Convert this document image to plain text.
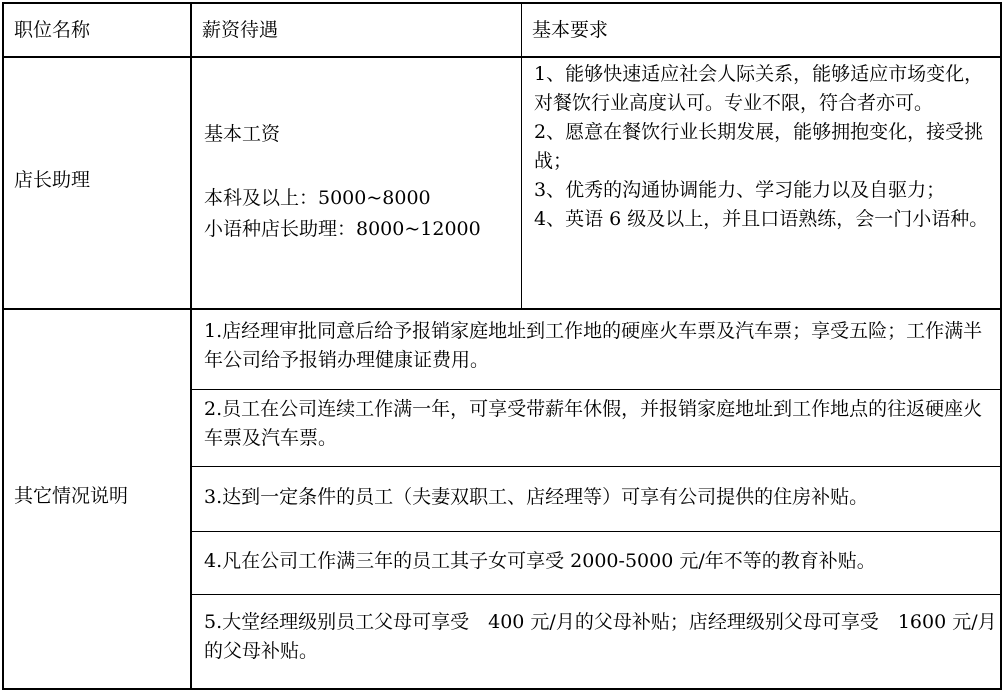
职位名称	薪资待遇	基本要求
店长助理
基本工资
本科及以上：5000~8000
小语种店长助理：8000~12000

1、能够快速适应社会人际关系，能够适应市场变化，对餐饮行业高度认可。专业不限，符合者亦可。

2、愿意在餐饮行业长期发展，能够拥抱变化，接受挑战；

3、优秀的沟通协调能力、学习能力以及自驱力；

4、英语 6 级及以上，并且口语熟练，会一门小语种。

其它情况说明

1.店经理审批同意后给予报销家庭地址到工作地的硬座火车票及汽车票；享受五险；工作满半年公司给予报销办理健康证费用。

2.员工在公司连续工作满一年，可享受带薪年休假，并报销家庭地址到工作地点的往返硬座火车票及汽车票。

3.达到一定条件的员工（夫妻双职工、店经理等）可享有公司提供的住房补贴。

4.凡在公司工作满三年的员工其子女可享受 2000-5000 元/年不等的教育补贴。

5.大堂经理级别员工父母可享受　400 元/月的父母补贴；店经理级别父母可享受　1600 元/月的父母补贴。
